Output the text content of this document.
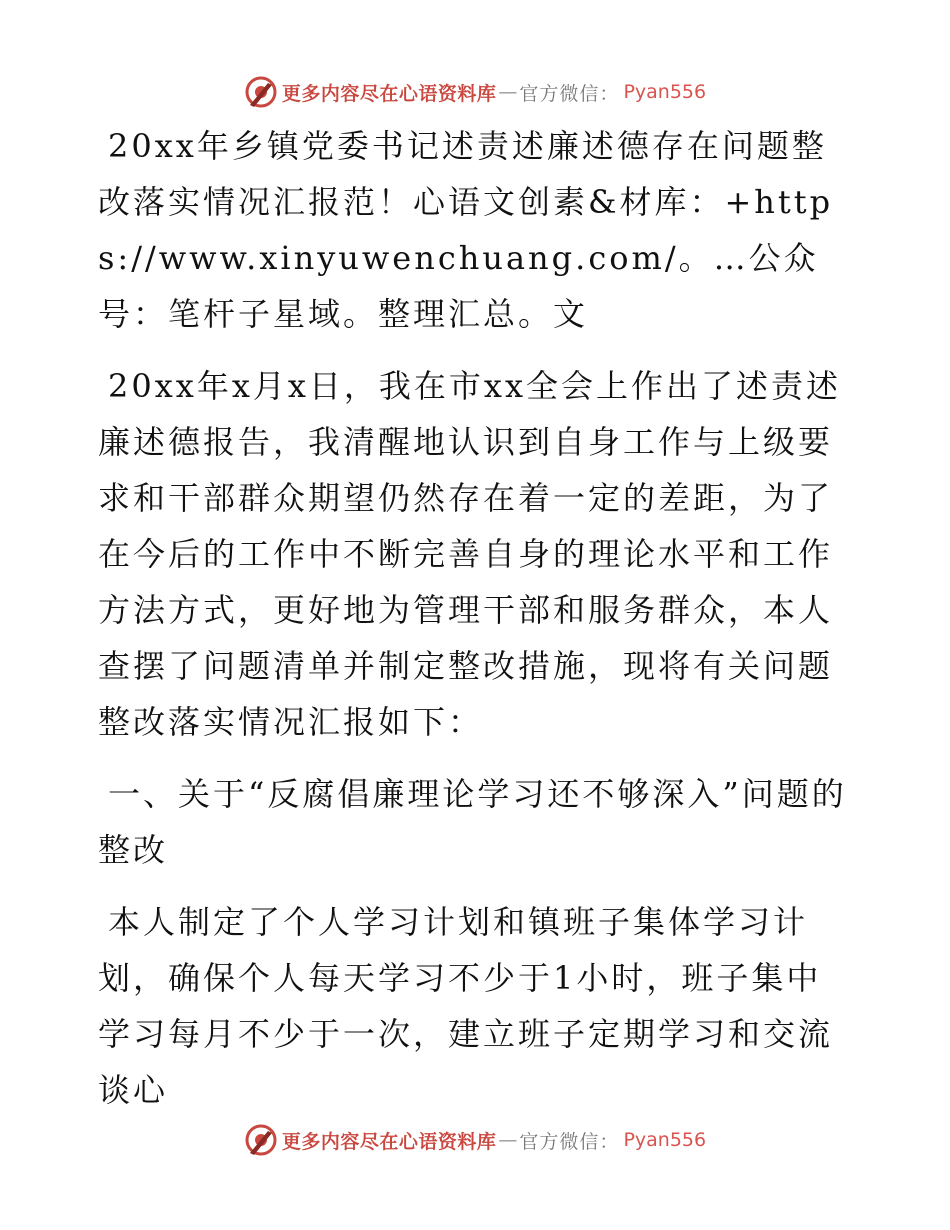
更多内容尽在心语资料库 — 官方微信： Pyan556

20xx年乡镇党委书记述责述廉述德存在问题整改落实情况汇报范！心语文创素&材库：+https://www.xinyuwenchuang.com/。…公众号：笔杆子星域。整理汇总。文

20xx年x月x日，我在市xx全会上作出了述责述廉述德报告，我清醒地认识到自身工作与上级要求和干部群众期望仍然存在着一定的差距，为了在今后的工作中不断完善自身的理论水平和工作方法方式，更好地为管理干部和服务群众，本人查摆了问题清单并制定整改措施，现将有关问题整改落实情况汇报如下：

一、关于“反腐倡廉理论学习还不够深入”问题的整改

本人制定了个人学习计划和镇班子集体学习计划，确保个人每天学习不少于1小时，班子集中学习每月不少于一次，建立班子定期学习和交流谈心

更多内容尽在心语资料库 — 官方微信： Pyan556
